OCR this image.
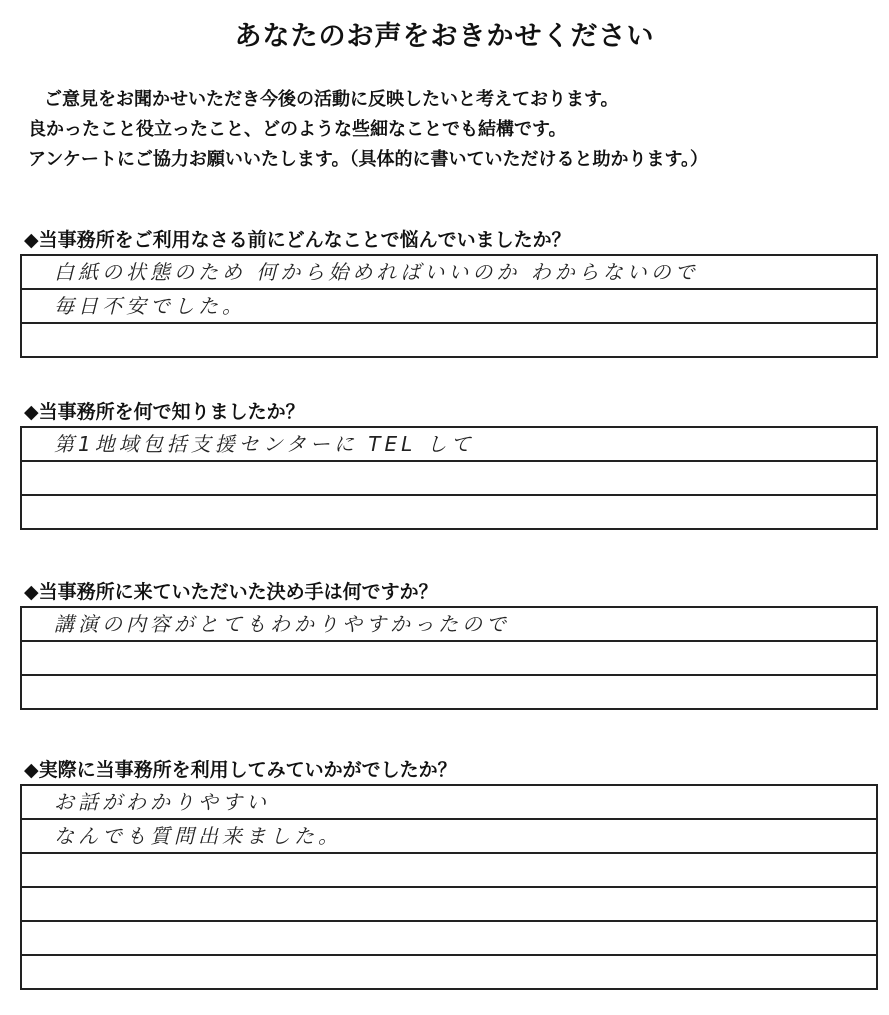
あなたのお声をおきかせください
ご意見をお聞かせいただき今後の活動に反映したいと考えております。
良かったこと役立ったこと、どのような些細なことでも結構です。
アンケートにご協力お願いいたします。（具体的に書いていただけると助かります。）
◆当事務所をご利用なさる前にどんなことで悩んでいましたか？
白紙の状態のため 何から始めればいいのか わからないので
毎日不安でした。
◆当事務所を何で知りましたか？
第1地域包括支援センターに TEL して
◆当事務所に来ていただいた決め手は何ですか？
講演の内容がとてもわかりやすかったので
◆実際に当事務所を利用してみていかがでしたか？
お話がわかりやすい
なんでも質問出来ました。
